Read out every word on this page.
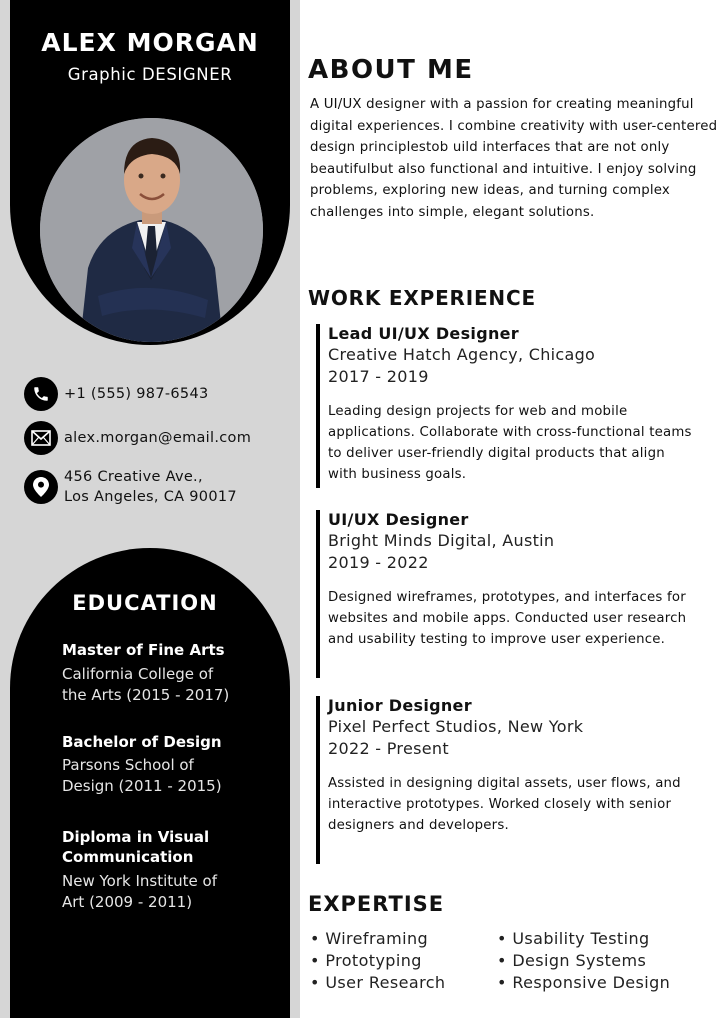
ALEX MORGAN
Graphic DESIGNER
+1 (555) 987-6543
alex.morgan@email.com
456 Creative Ave.,
Los Angeles, CA 90017
EDUCATION
Master of Fine Arts
California College of
the Arts (2015 - 2017)
Bachelor of Design
Parsons School of
Design (2011 - 2015)
Diploma in Visual
Communication
New York Institute of
Art (2009 - 2011)
ABOUT ME
A UI/UX designer with a passion for creating meaningful digital experiences. I combine creativity with user-centered design principlestob uild interfaces that are not only beautifulbut also functional and intuitive. I enjoy solving problems, exploring new ideas, and turning complex challenges into simple, elegant solutions.
WORK EXPERIENCE
Lead UI/UX Designer
Creative Hatch Agency, Chicago
2017 - 2019
Leading design projects for web and mobile applications. Collaborate with cross-functional teams to deliver user-friendly digital products that align with business goals.
UI/UX Designer
Bright Minds Digital, Austin
2019 - 2022
Designed wireframes, prototypes, and interfaces for websites and mobile apps. Conducted user research and usability testing to improve user experience.
Junior Designer
Pixel Perfect Studios, New York
2022 - Present
Assisted in designing digital assets, user flows, and interactive prototypes. Worked closely with senior designers and developers.
EXPERTISE
• Wireframing
• Prototyping
• User Research
• Usability Testing
• Design Systems
• Responsive Design
